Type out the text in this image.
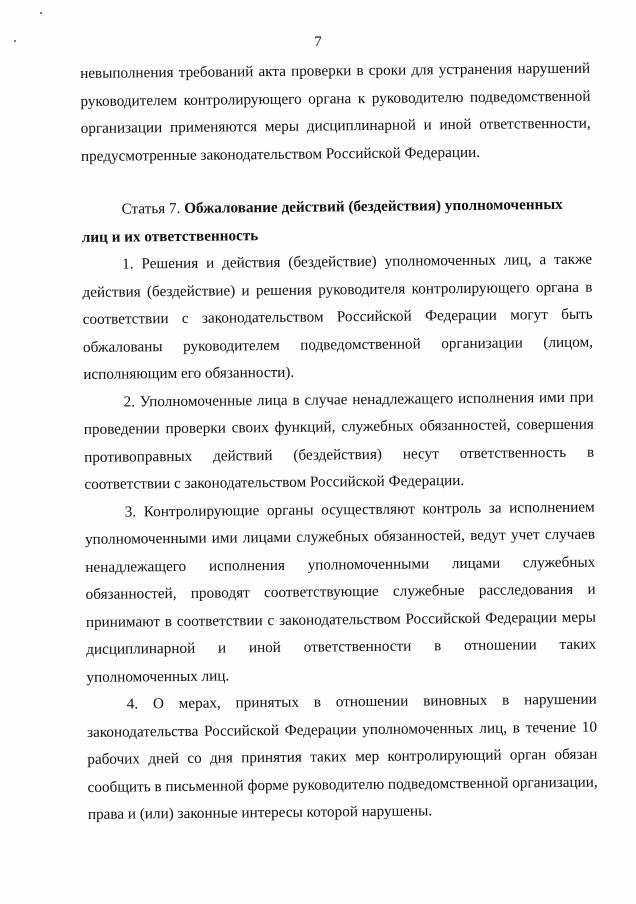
7

невыполнения требований акта проверки в сроки для устранения нарушений руководителем контролирующего органа к руководителю подведомственной организации применяются меры дисциплинарной и иной ответственности, предусмотренные законодательством Российской Федерации.

Статья 7. Обжалование действий (бездействия) уполномоченных лиц и их ответственность

1. Решения и действия (бездействие) уполномоченных лиц, а также действия (бездействие) и решения руководителя контролирующего органа в соответствии с законодательством Российской Федерации могут быть обжалованы руководителем подведомственной организации (лицом, исполняющим его обязанности).

2. Уполномоченные лица в случае ненадлежащего исполнения ими при проведении проверки своих функций, служебных обязанностей, совершения противоправных действий (бездействия) несут ответственность в соответствии с законодательством Российской Федерации.

3. Контролирующие органы осуществляют контроль за исполнением уполномоченными ими лицами служебных обязанностей, ведут учет случаев ненадлежащего исполнения уполномоченными лицами служебных обязанностей, проводят соответствующие служебные расследования и принимают в соответствии с законодательством Российской Федерации меры дисциплинарной и иной ответственности в отношении таких уполномоченных лиц.

4. О мерах, принятых в отношении виновных в нарушении законодательства Российской Федерации уполномоченных лиц, в течение 10 рабочих дней со дня принятия таких мер контролирующий орган обязан сообщить в письменной форме руководителю подведомственной организации, права и (или) законные интересы которой нарушены.
